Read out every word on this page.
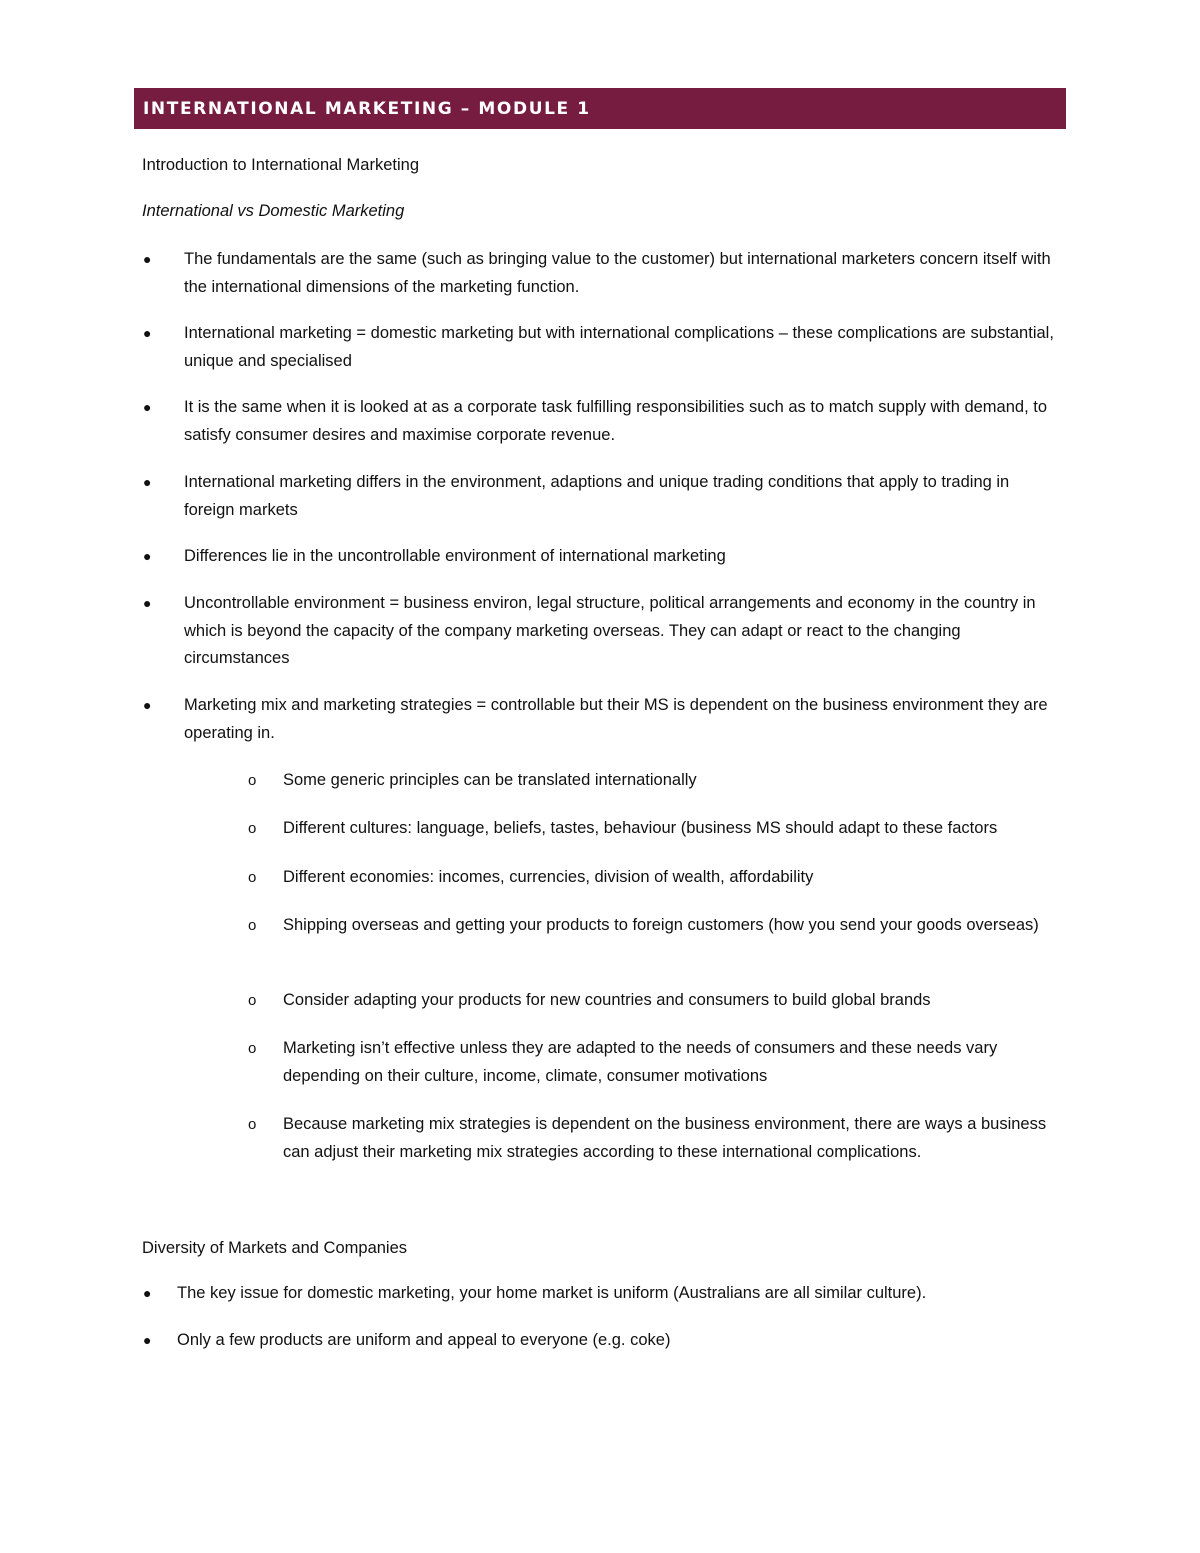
INTERNATIONAL MARKETING – MODULE 1
Introduction to International Marketing
International vs Domestic Marketing
● The fundamentals are the same (such as bringing value to the customer) but international marketers concern itself with the international dimensions of the marketing function.
● International marketing = domestic marketing but with international complications – these complications are substantial, unique and specialised
● It is the same when it is looked at as a corporate task fulfilling responsibilities such as to match supply with demand, to satisfy consumer desires and maximise corporate revenue.
● International marketing differs in the environment, adaptions and unique trading conditions that apply to trading in foreign markets
● Differences lie in the uncontrollable environment of international marketing
● Uncontrollable environment = business environ, legal structure, political arrangements and economy in the country in which is beyond the capacity of the company marketing overseas. They can adapt or react to the changing circumstances
● Marketing mix and marketing strategies = controllable but their MS is dependent on the business environment they are operating in.
o Some generic principles can be translated internationally
o Different cultures: language, beliefs, tastes, behaviour (business MS should adapt to these factors
o Different economies: incomes, currencies, division of wealth, affordability
o Shipping overseas and getting your products to foreign customers (how you send your goods overseas)
o Consider adapting your products for new countries and consumers to build global brands
o Marketing isn’t effective unless they are adapted to the needs of consumers and these needs vary depending on their culture, income, climate, consumer motivations
o Because marketing mix strategies is dependent on the business environment, there are ways a business can adjust their marketing mix strategies according to these international complications.
Diversity of Markets and Companies
● The key issue for domestic marketing, your home market is uniform (Australians are all similar culture).
● Only a few products are uniform and appeal to everyone (e.g. coke)
